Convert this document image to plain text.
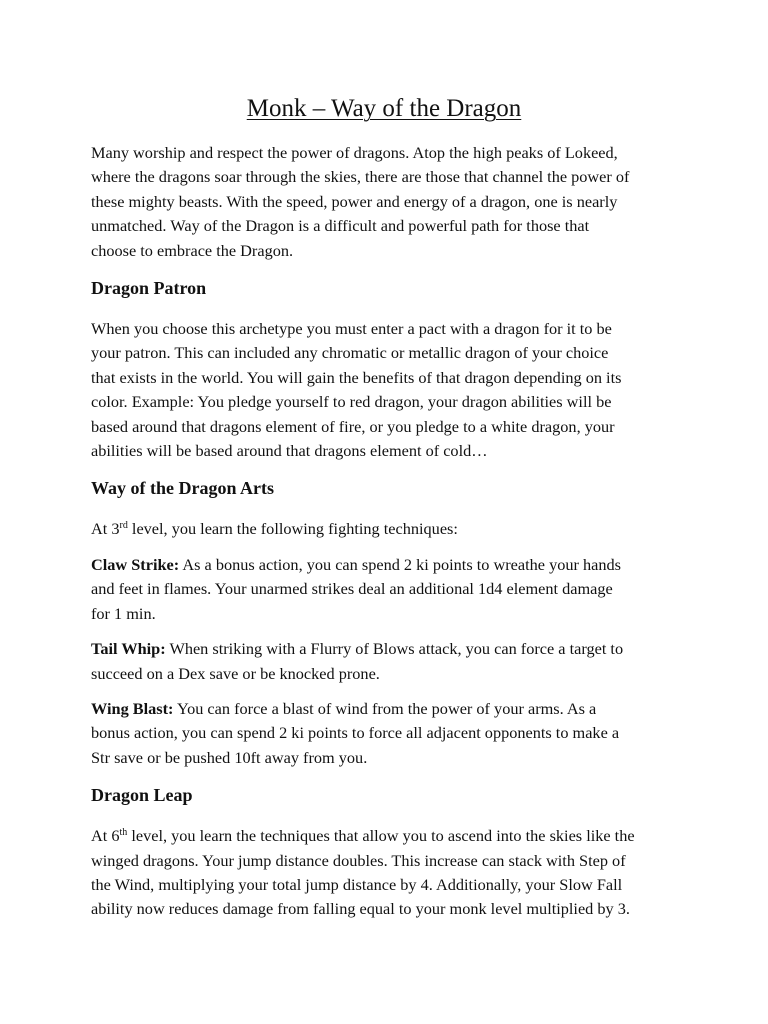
Monk – Way of the Dragon

Many worship and respect the power of dragons. Atop the high peaks of Lokeed,
where the dragons soar through the skies, there are those that channel the power of
these mighty beasts. With the speed, power and energy of a dragon, one is nearly
unmatched. Way of the Dragon is a difficult and powerful path for those that
choose to embrace the Dragon.

Dragon Patron

When you choose this archetype you must enter a pact with a dragon for it to be
your patron. This can included any chromatic or metallic dragon of your choice
that exists in the world. You will gain the benefits of that dragon depending on its
color. Example: You pledge yourself to red dragon, your dragon abilities will be
based around that dragons element of fire, or you pledge to a white dragon, your
abilities will be based around that dragons element of cold…

Way of the Dragon Arts

At 3rd level, you learn the following fighting techniques:

Claw Strike: As a bonus action, you can spend 2 ki points to wreathe your hands
and feet in flames. Your unarmed strikes deal an additional 1d4 element damage
for 1 min.

Tail Whip: When striking with a Flurry of Blows attack, you can force a target to
succeed on a Dex save or be knocked prone.

Wing Blast: You can force a blast of wind from the power of your arms. As a
bonus action, you can spend 2 ki points to force all adjacent opponents to make a
Str save or be pushed 10ft away from you.

Dragon Leap

At 6th level, you learn the techniques that allow you to ascend into the skies like the
winged dragons. Your jump distance doubles. This increase can stack with Step of
the Wind, multiplying your total jump distance by 4. Additionally, your Slow Fall
ability now reduces damage from falling equal to your monk level multiplied by 3.
